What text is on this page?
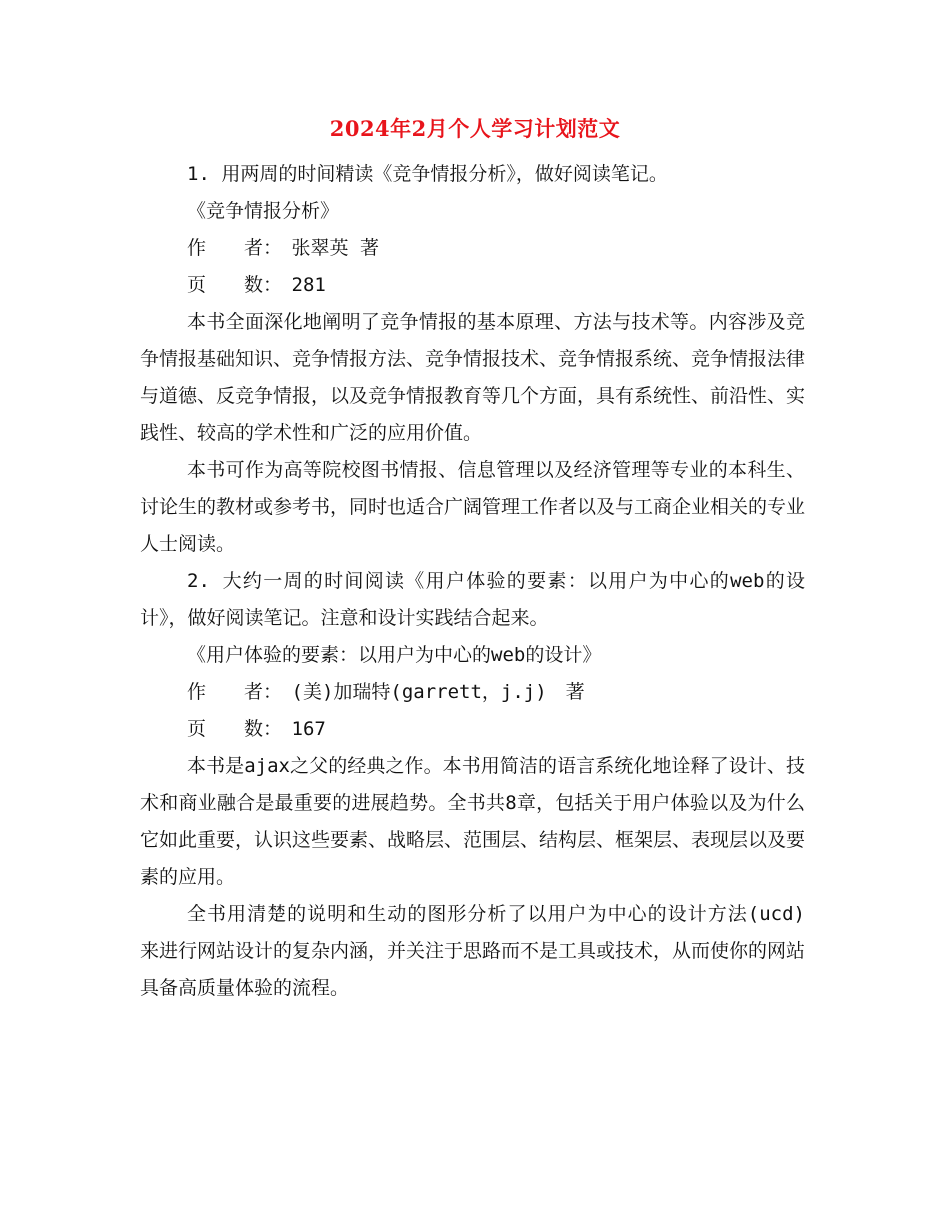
2024年2月个人学习计划范文

1. 用两周的时间精读《竞争情报分析》，做好阅读笔记。

《竞争情报分析》

作　　者：　张翠英 著

页　　数：　281

本书全面深化地阐明了竞争情报的基本原理、方法与技术等。内容涉及竞争情报基础知识、竞争情报方法、竞争情报技术、竞争情报系统、竞争情报法律与道德、反竞争情报，以及竞争情报教育等几个方面，具有系统性、前沿性、实践性、较高的学术性和广泛的应用价值。

本书可作为高等院校图书情报、信息管理以及经济管理等专业的本科生、讨论生的教材或参考书，同时也适合广阔管理工作者以及与工商企业相关的专业人士阅读。

2. 大约一周的时间阅读《用户体验的要素：以用户为中心的web的设计》，做好阅读笔记。注意和设计实践结合起来。

《用户体验的要素：以用户为中心的web的设计》

作　　者：　(美)加瑞特(garrett，j.j)　著

页　　数：　167

本书是ajax之父的经典之作。本书用简洁的语言系统化地诠释了设计、技术和商业融合是最重要的进展趋势。全书共8章，包括关于用户体验以及为什么它如此重要，认识这些要素、战略层、范围层、结构层、框架层、表现层以及要素的应用。

全书用清楚的说明和生动的图形分析了以用户为中心的设计方法(ucd) 来进行网站设计的复杂内涵，并关注于思路而不是工具或技术，从而使你的网站具备高质量体验的流程。
